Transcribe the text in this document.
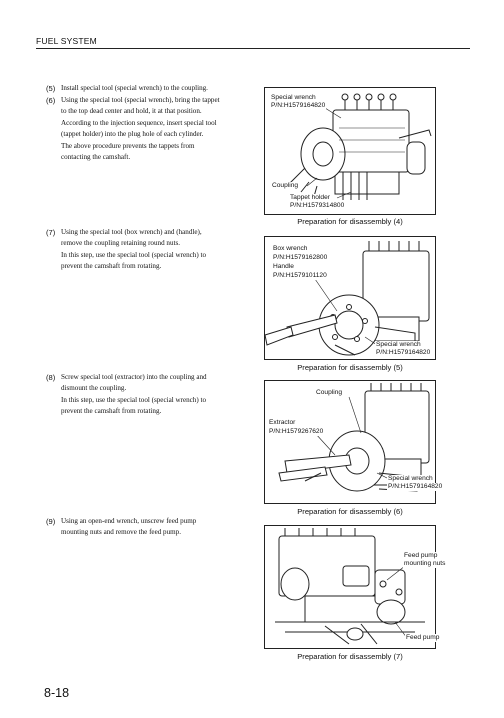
FUEL SYSTEM
(5) Install special tool (special wrench) to the coupling.
(6) Using the special tool (special wrench), bring the tappet
to the top dead center and hold, it at that position.
According to the injection sequence, insert special tool
(tappet holder) into the plug hole of each cylinder.
The above procedure prevents the tappets from
contacting the camshaft.
(7) Using the special tool (box wrench) and (handle),
remove the coupling retaining round nuts.
In this step, use the special tool (special wrench) to
prevent the camshaft from rotating.
(8) Screw special tool (extractor) into the coupling and
dismount the coupling.
In this step, use the special tool (special wrench) to
prevent the camshaft from rotating.
(9) Using an open-end wrench, unscrew feed pump
mounting nuts and remove the feed pump.
Special wrench
P/N:H1579164820
Coupling
Tappet holder
P/N:H1579314800
Preparation for disassembly (4)
Box wrench
P/N:H1579162800
Handle
P/N:H1579101120
Special wrench
P/N:H1579164820
Preparation for disassembly (5)
Coupling
Extractor
P/N:H1579267620
Special wrench
P/N:H1579164820
Preparation for disassembly (6)
Feed pump
mounting nuts
Feed pump
Preparation for disassembly (7)
8-18
